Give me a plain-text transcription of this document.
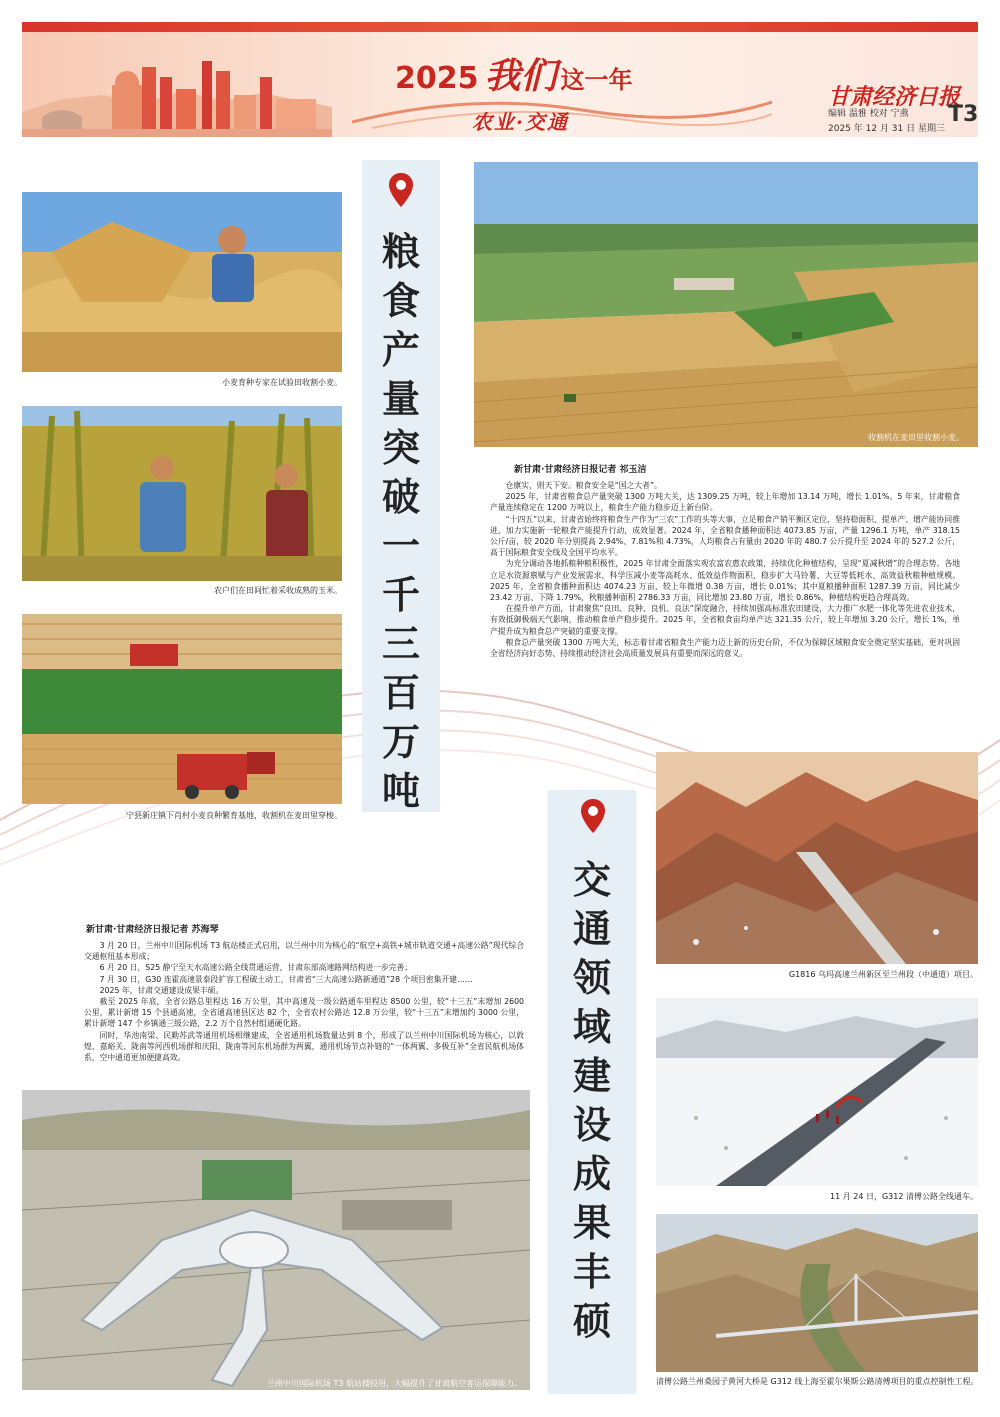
2025 我们 这一年
农业·交通
甘肃经济日报
编辑 温雅 校对 宁燕
2025 年 12 月 31 日 星期三
T3
小麦育种专家在试验田收割小麦。
农户们在田间忙着采收成熟的玉米。
宁县新庄镇下肖村小麦良种繁育基地，收割机在麦田里穿梭。
粮食产量突破一千三百万吨
收割机在麦田里收割小麦。
新甘肃·甘肃经济日报记者 祁玉洁

仓廪实，则天下安。粮食安全是“国之大者”。

2025 年，甘肃省粮食总产量突破 1300 万吨大关，达 1309.25 万吨，较上年增加 13.14 万吨，增长 1.01%。5 年来，甘肃粮食产量连续稳定在 1200 万吨以上，粮食生产能力稳步迈上新台阶。

“十四五”以来，甘肃省始终将粮食生产作为“三农”工作的头等大事，立足粮食产销平衡区定位，坚持稳面积、提单产、增产能协同推进，加力实施新一轮粮食产能提升行动，成效显著。2024 年，全省粮食播种面积达 4073.85 万亩，产量 1296.1 万吨，单产 318.15 公斤/亩，较 2020 年分别提高 2.94%、7.81%和 4.73%，人均粮食占有量由 2020 年的 480.7 公斤提升至 2024 年的 527.2 公斤，高于国际粮食安全线及全国平均水平。

为充分调动各地抓粮种粮积极性，2025 年甘肃全面落实观农富农惠农政策，持续优化种植结构，呈现“夏减秋增”的合理态势。各地立足水资源禀赋与产业发展需求，科学压减小麦等高耗水、低效益作物面积，稳步扩大马铃薯、大豆等低耗水、高效益秋粮种植规模。2025 年，全省粮食播种面积达 4074.23 万亩，较上年微增 0.38 万亩，增长 0.01%；其中夏粮播种面积 1287.39 万亩，同比减少 23.42 万亩、下降 1.79%，秋粮播种面积 2786.33 万亩，同比增加 23.80 万亩，增长 0.86%，种植结构更趋合理高效。

在提升单产方面，甘肃聚焦“良田、良种、良机、良法”深度融合，持续加强高标准农田建设，大力推广水肥一体化等先进农业技术，有效抵御极端天气影响，推动粮食单产稳步提升。2025 年，全省粮食亩均单产达 321.35 公斤，较上年增加 3.20 公斤，增长 1%，单产提升成为粮食总产突破的重要支撑。

粮食总产量突破 1300 万吨大关，标志着甘肃省粮食生产能力迈上新的历史台阶，不仅为保障区域粮食安全奠定坚实基础，更对巩固全省经济向好态势、持续推动经济社会高质量发展具有重要而深远的意义。

新甘肃·甘肃经济日报记者 苏海琴

3 月 20 日，兰州中川国际机场 T3 航站楼正式启用，以兰州中川为核心的“航空+高铁+城市轨道交通+高速公路”现代综合交通枢纽基本形成；

6 月 20 日，S25 静宁至天水高速公路全线贯通运营，甘肃东部高速路网结构进一步完善；

7 月 30 日，G30 连霍高速景泰段扩容工程破土动工，甘肃省“三大高速公路新通道”28 个项目密集开建……

2025 年，甘肃交通建设成果丰硕。

截至 2025 年底，全省公路总里程达 16 万公里，其中高速及一级公路通车里程达 8500 公里，较“十三五”末增加 2600 公里，累计新增 15 个县通高速，全省通高速县区达 82 个，全省农村公路达 12.8 万公里，较“十三五”末增加约 3000 公里，累计新增 147 个乡镇通三级公路，2.2 万个自然村组通硬化路。

同时，华池南梁、民勤苏武等通用机场相继建成，全省通用机场数量达到 8 个，形成了以兰州中川国际机场为核心，以敦煌、嘉峪关、陇南等河西机场群和庆阳、陇南等河东机场群为两翼，通用机场节点补链的“一体两翼、多极互补”全省民航机场体系，空中通道更加便捷高效。

兰州中川国际机场 T3 航站楼投用，大幅提升了甘肃航空客运保障能力。
交通领域建设成果丰硕
G1816 乌玛高速兰州新区至兰州段（中通道）项目。
11 月 24 日，G312 清傅公路全线通车。
清傅公路兰州桑园子黄河大桥是 G312 线上海至霍尔果斯公路清傅项目的重点控制性工程。
